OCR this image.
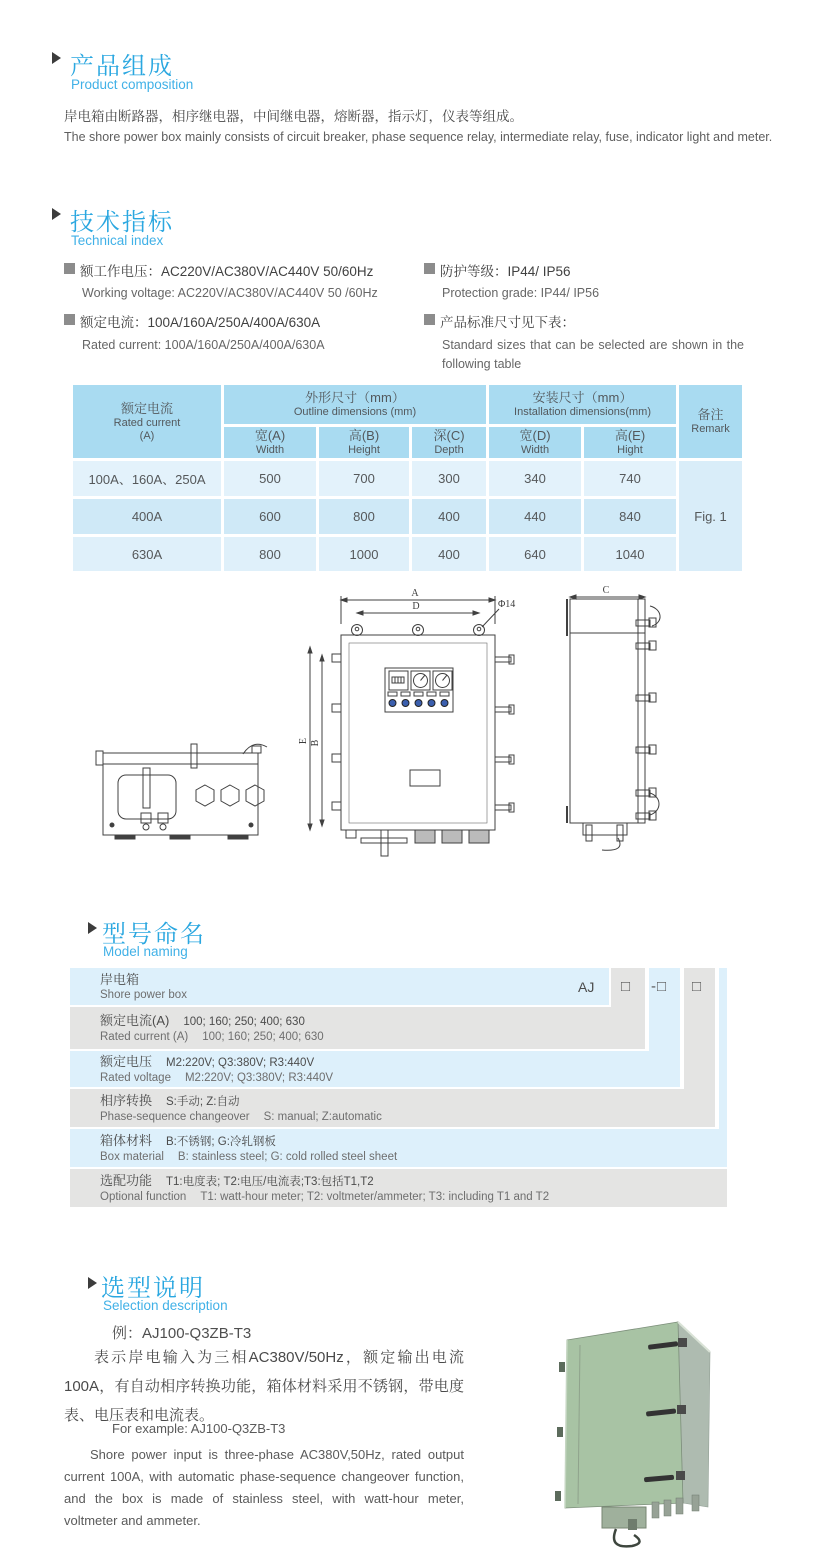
产品组成
Product composition
岸电箱由断路器，相序继电器，中间继电器，熔断器，指示灯，仪表等组成。
The shore power box mainly consists of circuit breaker, phase sequence relay, intermediate relay, fuse, indicator light and meter.
技术指标
Technical index
额工作电压：AC220V/AC380V/AC440V 50/60Hz
Working voltage: AC220V/AC380V/AC440V 50 /60Hz
额定电流：100A/160A/250A/400A/630A
Rated current: 100A/160A/250A/400A/630A
防护等级：IP44/ IP56
Protection grade: IP44/ IP56
产品标准尺寸见下表：
Standard sizes that can be selected are shown in the following table
额定电流
Rated current
(A)	外形尺寸（mm）
Outline dimensions (mm)			安装尺寸（mm）
Installation dimensions(mm)		备注
Remark

	宽(A)
Width	高(B)
Height	深(C)
Depth	宽(D)
Width	高(E)
Hight	

100A、160A、250A	500	700	300	340	740	Fig. 1
400A	600	800	400	440	840	
630A	800	1000	400	640	1040	
A
D	Φ14
E B
C
型号命名
Model naming
岸电箱
Shore power box
额定电流(A) 100; 160; 250; 400; 630
Rated current (A) 100; 160; 250; 400; 630
额定电压 M2:220V; Q3:380V; R3:440V
Rated voltage M2:220V; Q3:380V; R3:440V
相序转换 S:手动; Z:自动
Phase-sequence changeover S: manual; Z:automatic
箱体材料 B:不锈钢; G:冷轧钢板
Box material B: stainless steel; G: cold rolled steel sheet
选配功能 T1:电度表; T2:电压/电流表;T3:包括T1,T2
Optional function T1: watt-hour meter; T2: voltmeter/ammeter; T3: including T1 and T2
AJ □ -□ □
选型说明
Selection description
例：AJ100-Q3ZB-T3
表示岸电输入为三相AC380V/50Hz，额定输出电流100A，有自动相序转换功能，箱体材料采用不锈钢，带电度表、电压表和电流表。
For example: AJ100-Q3ZB-T3
Shore power input is three-phase AC380V,50Hz, rated output current 100A, with automatic phase-sequence changeover function, and the box is made of stainless steel, with watt-hour meter, voltmeter and ammeter.
